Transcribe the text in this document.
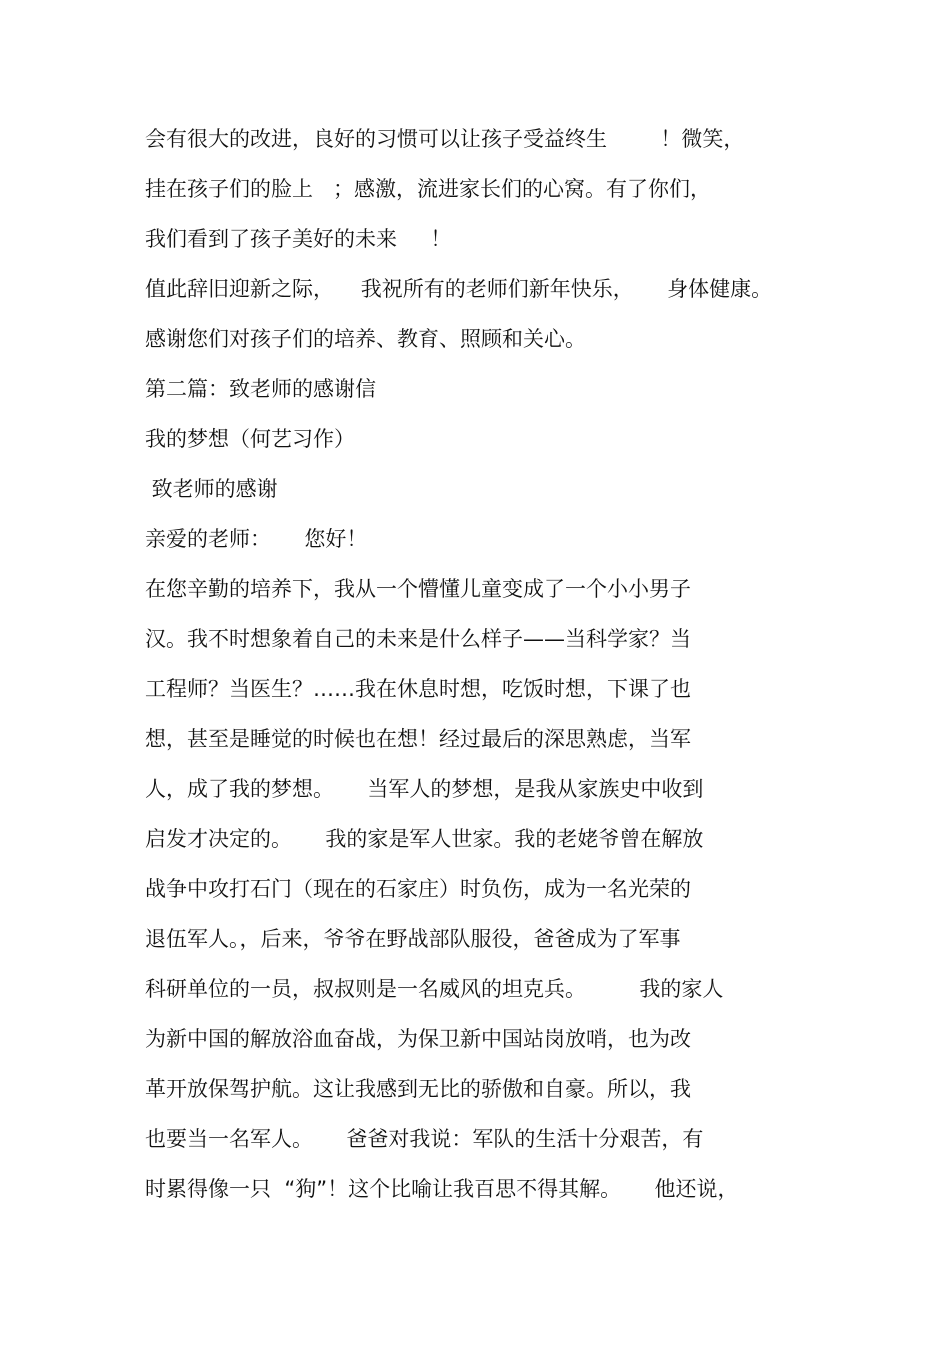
会有很大的改进，良好的习惯可以让孩子受益终生        ！微笑，
挂在孩子们的脸上   ；感激，流进家长们的心窝。有了你们，
我们看到了孩子美好的未来     ！
值此辞旧迎新之际，    我祝所有的老师们新年快乐，     身体健康。
感谢您们对孩子们的培养、教育、照顾和关心。
第二篇：致老师的感谢信
我的梦想（何艺习作）
致老师的感谢
亲爱的老师：     您好！
在您辛勤的培养下，我从一个懵懂儿童变成了一个小小男子
汉。我不时想象着自己的未来是什么样子——当科学家？当
工程师？当医生？……我在休息时想，吃饭时想，下课了也
想，甚至是睡觉的时候也在想！经过最后的深思熟虑，当军
人，成了我的梦想。     当军人的梦想，是我从家族史中收到
启发才决定的。     我的家是军人世家。我的老姥爷曾在解放
战争中攻打石门（现在的石家庄）时负伤，成为一名光荣的
退伍军人。，后来，爷爷在野战部队服役，爸爸成为了军事
科研单位的一员，叔叔则是一名威风的坦克兵。        我的家人
为新中国的解放浴血奋战，为保卫新中国站岗放哨，也为改
革开放保驾护航。这让我感到无比的骄傲和自豪。所以，我
也要当一名军人。     爸爸对我说：军队的生活十分艰苦，有
时累得像一只  “狗”！这个比喻让我百思不得其解。     他还说，
